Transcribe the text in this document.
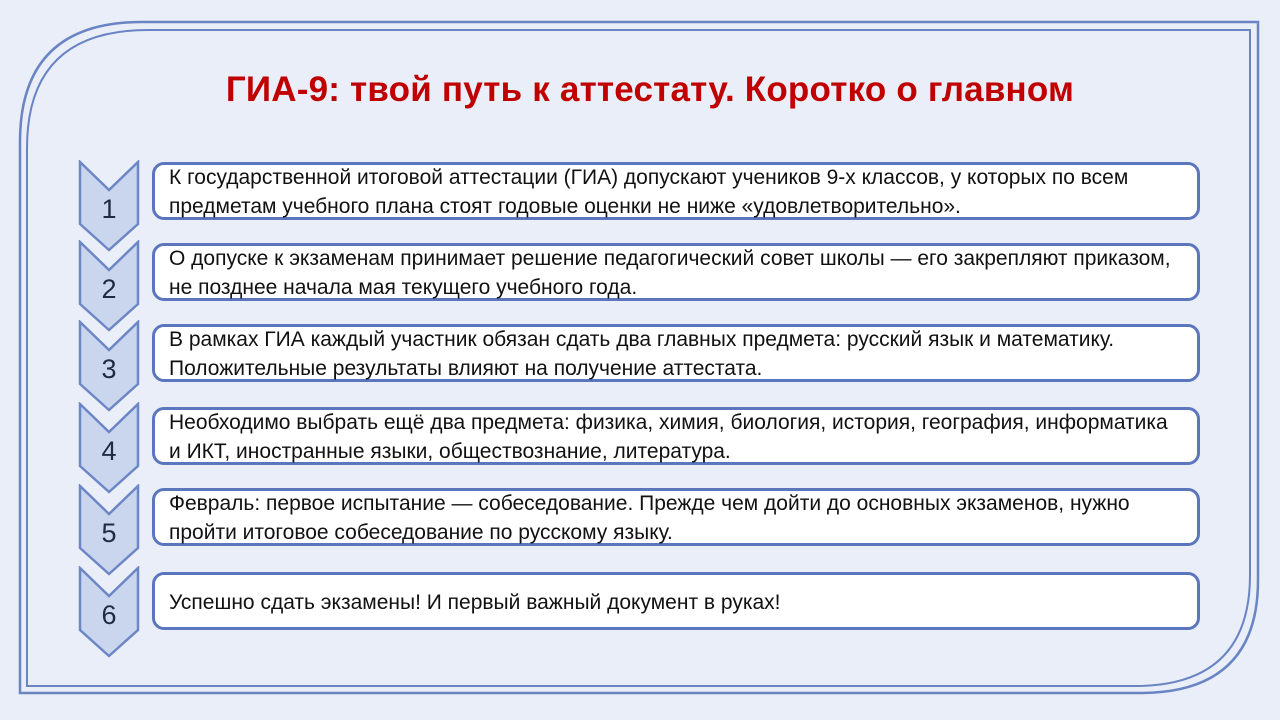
ГИА-9: твой путь к аттестату. Коротко о главном
1
2
3
4
5
6
К государственной итоговой аттестации (ГИА) допускают учеников 9-х классов, у которых по всем предметам учебного плана стоят годовые оценки не ниже «удовлетворительно».
О допуске к экзаменам принимает решение педагогический совет школы — его закрепляют приказом, не позднее начала мая текущего учебного года.
В рамках ГИА каждый участник обязан сдать два главных предмета: русский язык и математику. Положительные результаты влияют на получение аттестата.
Необходимо выбрать ещё два предмета: физика, химия, биология, история, география, информатика и ИКТ, иностранные языки, обществознание, литература.
Февраль: первое испытание — собеседование. Прежде чем дойти до основных экзаменов, нужно пройти итоговое собеседование по русскому языку.
Успешно сдать экзамены! И первый важный документ в руках!
